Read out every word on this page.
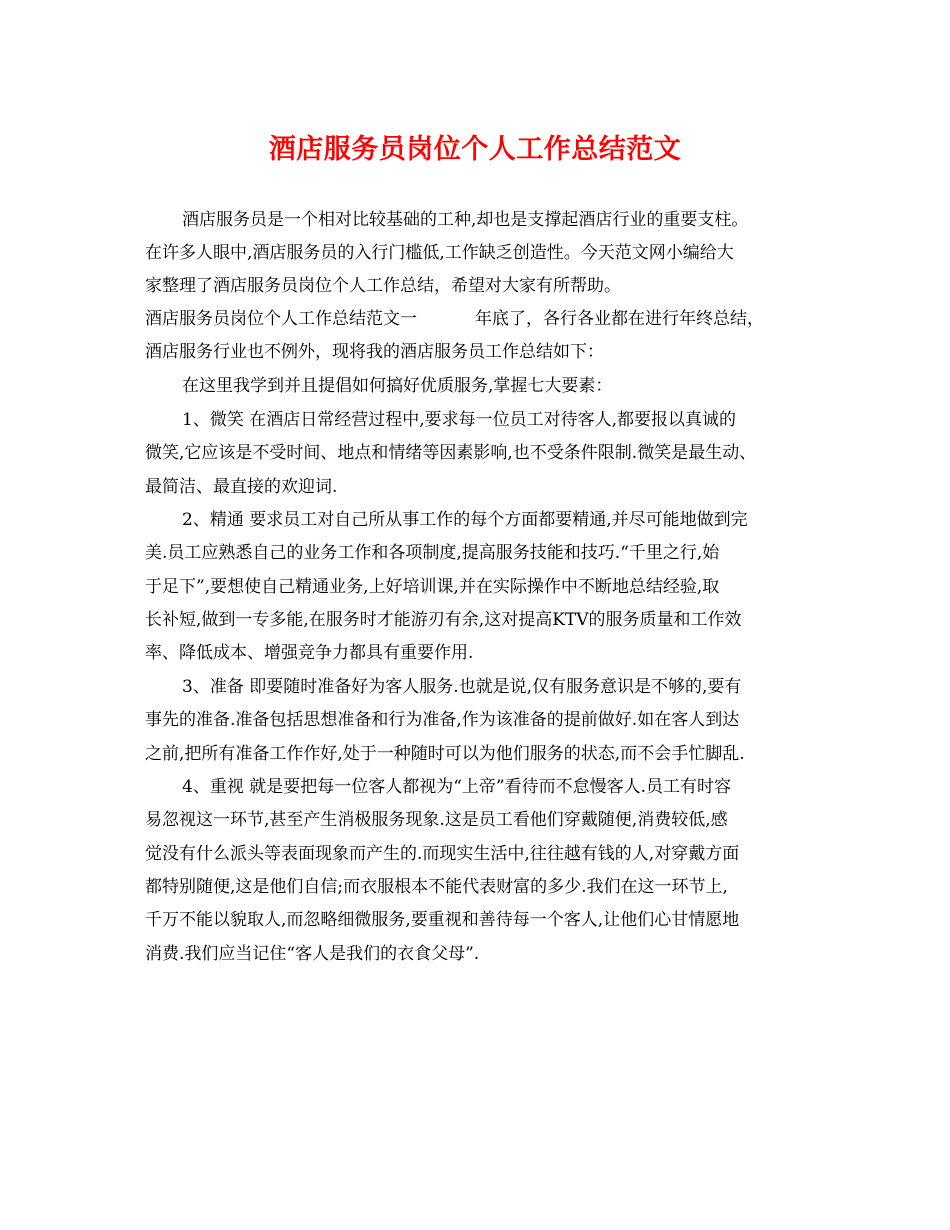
酒店服务员岗位个人工作总结范文
酒店服务员是一个相对比较基础的工种,却也是支撑起酒店行业的重要支柱。
在许多人眼中,酒店服务员的入行门槛低,工作缺乏创造性。今天范文网小编给大
家整理了酒店服务员岗位个人工作总结，希望对大家有所帮助。
酒店服务员岗位个人工作总结范文一	年底了，各行各业都在进行年终总结，
酒店服务行业也不例外，现将我的酒店服务员工作总结如下：
在这里我学到并且提倡如何搞好优质服务,掌握七大要素：
1、微笑 在酒店日常经营过程中,要求每一位员工对待客人,都要报以真诚的
微笑,它应该是不受时间、地点和情绪等因素影响,也不受条件限制.微笑是最生动、
最简洁、最直接的欢迎词.
2、精通 要求员工对自己所从事工作的每个方面都要精通,并尽可能地做到完
美.员工应熟悉自己的业务工作和各项制度,提高服务技能和技巧.“千里之行,始
于足下”,要想使自己精通业务,上好培训课,并在实际操作中不断地总结经验,取
长补短,做到一专多能,在服务时才能游刃有余,这对提高KTV的服务质量和工作效
率、降低成本、增强竞争力都具有重要作用.
3、准备 即要随时准备好为客人服务.也就是说,仅有服务意识是不够的,要有
事先的准备.准备包括思想准备和行为准备,作为该准备的提前做好.如在客人到达
之前,把所有准备工作作好,处于一种随时可以为他们服务的状态,而不会手忙脚乱.
4、重视 就是要把每一位客人都视为“上帝”看待而不怠慢客人.员工有时容
易忽视这一环节,甚至产生消极服务现象.这是员工看他们穿戴随便,消费较低,感
觉没有什么派头等表面现象而产生的.而现实生活中,往往越有钱的人,对穿戴方面
都特别随便,这是他们自信;而衣服根本不能代表财富的多少.我们在这一环节上,
千万不能以貌取人,而忽略细微服务,要重视和善待每一个客人,让他们心甘情愿地
消费.我们应当记住“客人是我们的衣食父母”.
